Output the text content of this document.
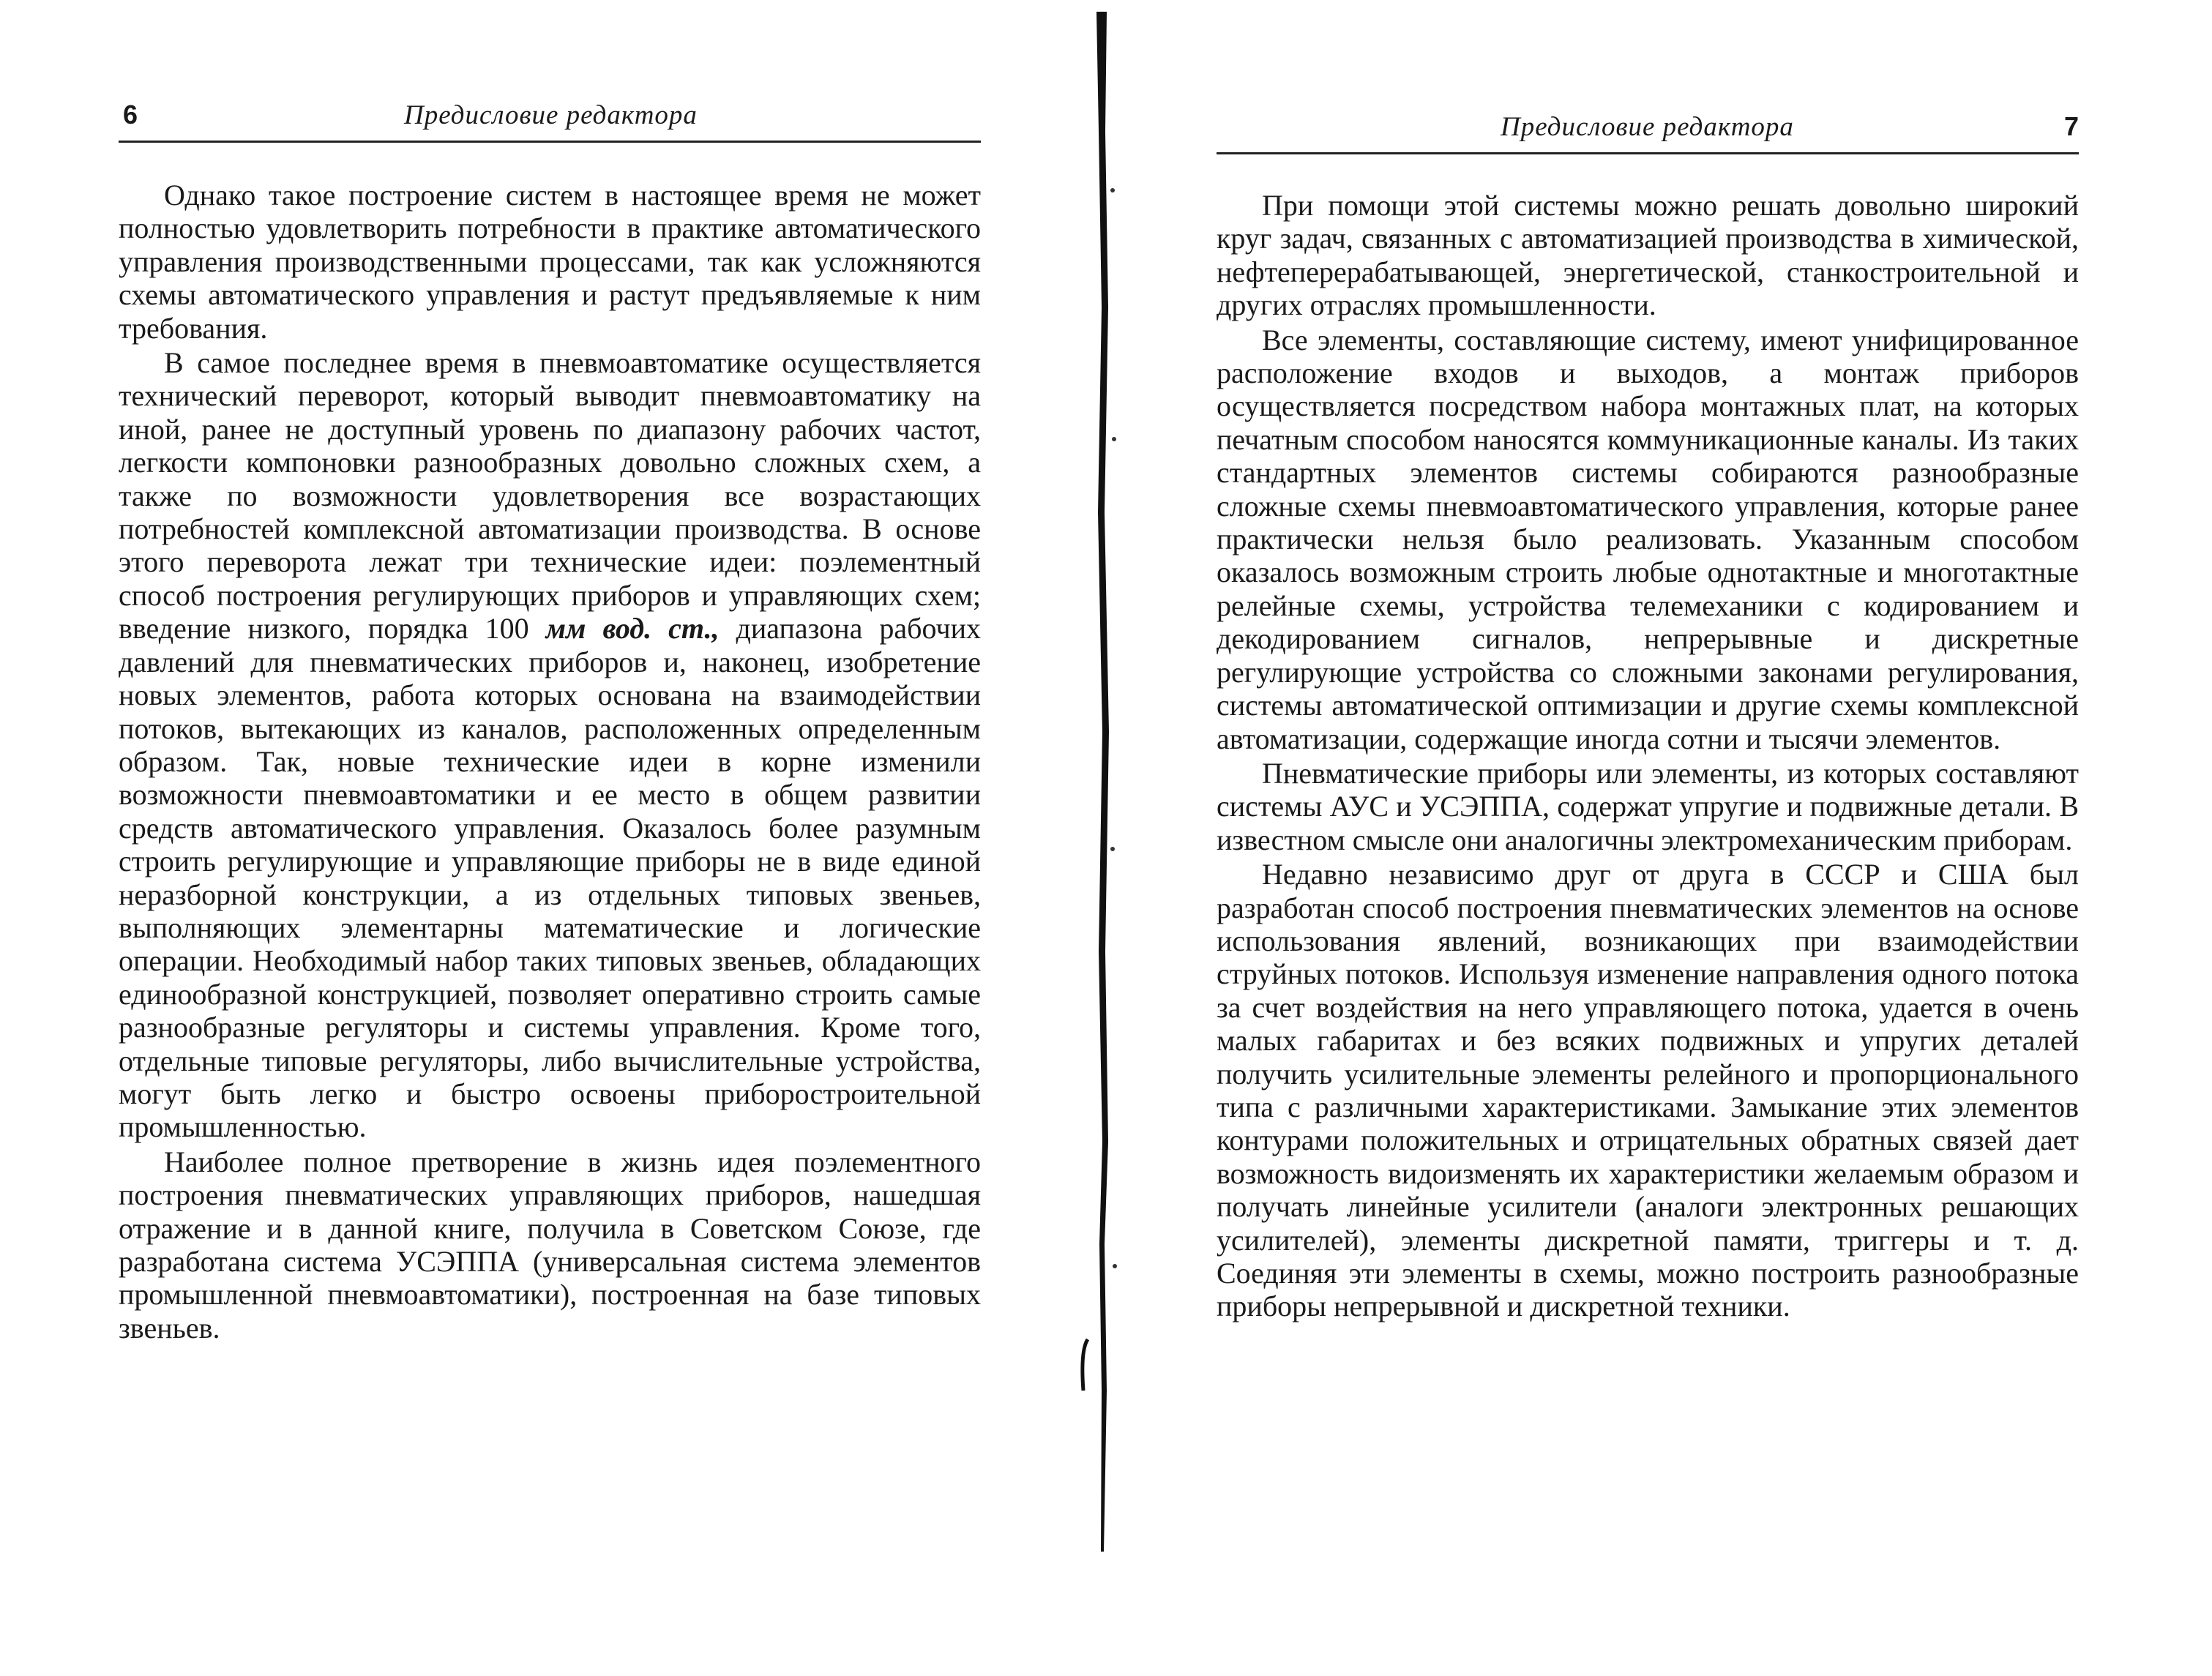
6	Предисловие редактора

Однако такое построение систем в настоящее время не может полностью удовлетворить потребности в практике автоматического управления производственными процессами, так как усложняются схемы автоматического управления и растут предъявляемые к ним требования.

В самое последнее время в пневмоавтоматике осуществляется технический переворот, который выводит пневмоавтоматику на иной, ранее не доступный уровень по диапазону рабочих частот, легкости компоновки разнообразных довольно сложных схем, а также по возможности удовлетворения все возрастающих потребностей комплексной автоматизации производства. В основе этого переворота лежат три технические идеи: поэлементный способ построения регулирующих приборов и управляющих схем; введение низкого, порядка 100 мм вод. ст., диапазона рабочих давлений для пневматических приборов и, наконец, изобретение новых элементов, работа которых основана на взаимодействии потоков, вытекающих из каналов, расположенных определенным образом. Так, новые технические идеи в корне изменили возможности пневмоавтоматики и ее место в общем развитии средств автоматического управления. Оказалось более разумным строить регулирующие и управляющие приборы не в виде единой неразборной конструкции, а из отдельных типовых звеньев, выполняющих элементарны математические и логические операции. Необходимый набор таких типовых звеньев, обладающих единообразной конструкцией, позволяет оперативно строить самые разнообразные регуляторы и системы управления. Кроме того, отдельные типовые регуляторы, либо вычислительные устройства, могут быть легко и быстро освоены приборостроительной промышленностью.

Наиболее полное претворение в жизнь идея поэлементного построения пневматических управляющих приборов, нашедшая отражение и в данной книге, получила в Советском Союзе, где разработана система УСЭППА (универсальная система элементов промышленной пневмоавтоматики), построенная на базе типовых звеньев.

Предисловие редактора	7

При помощи этой системы можно решать довольно широкий круг задач, связанных с автоматизацией производства в химической, нефтеперерабатывающей, энергетической, станкостроительной и других отраслях промышленности.

Все элементы, составляющие систему, имеют унифицированное расположение входов и выходов, а монтаж приборов осуществляется посредством набора монтажных плат, на которых печатным способом наносятся коммуникационные каналы. Из таких стандартных элементов системы собираются разнообразные сложные схемы пневмоавтоматического управления, которые ранее практически нельзя было реализовать. Указанным способом оказалось возможным строить любые однотактные и многотактные релейные схемы, устройства телемеханики с кодированием и декодированием сигналов, непрерывные и дискретные регулирующие устройства со сложными законами регулирования, системы автоматической оптимизации и другие схемы комплексной автоматизации, содержащие иногда сотни и тысячи элементов.

Пневматические приборы или элементы, из которых составляют системы АУС и УСЭППА, содержат упругие и подвижные детали. В известном смысле они аналогичны электромеханическим приборам.

Недавно независимо друг от друга в СССР и США был разработан способ построения пневматических элементов на основе использования явлений, возникающих при взаимодействии струйных потоков. Используя изменение направления одного потока за счет воздействия на него управляющего потока, удается в очень малых габаритах и без всяких подвижных и упругих деталей получить усилительные элементы релейного и пропорционального типа с различными характеристиками. Замыкание этих элементов контурами положительных и отрицательных обратных связей дает возможность видоизменять их характеристики желаемым образом и получать линейные усилители (аналоги электронных решающих усилителей), элементы дискретной памяти, триггеры и т. д. Соединяя эти элементы в схемы, можно построить разнообразные приборы непрерывной и дискретной техники.
